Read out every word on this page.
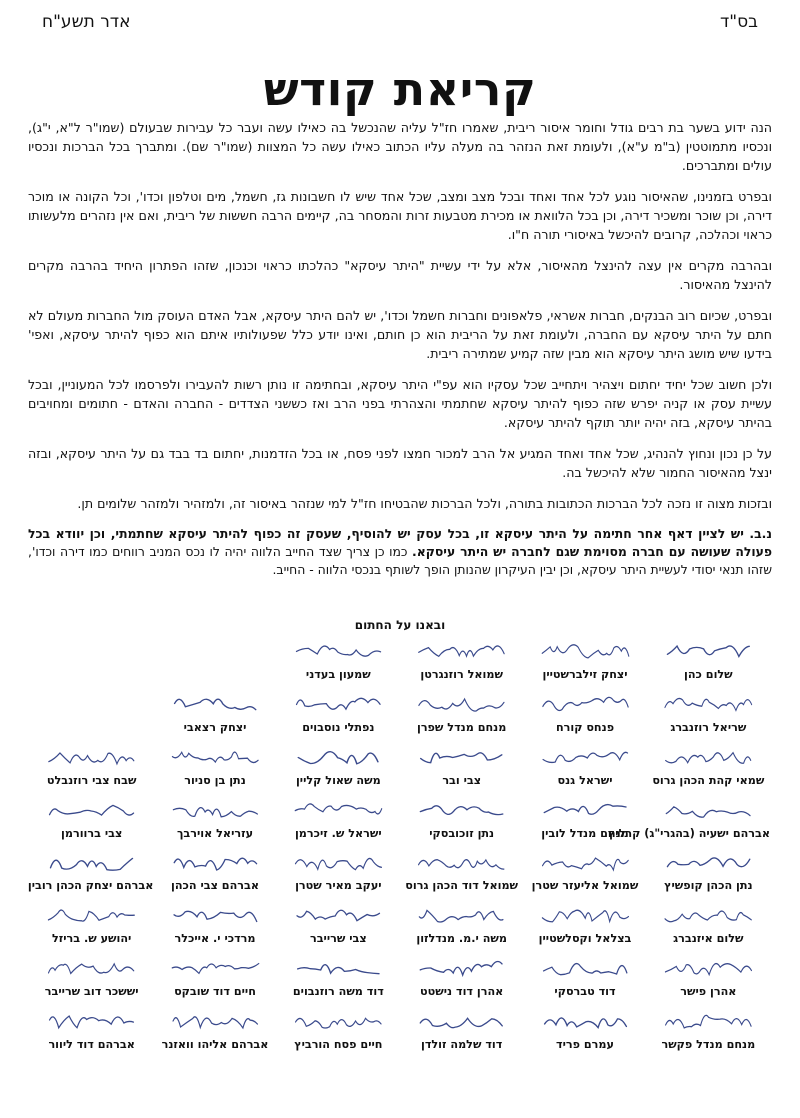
בס"ד
אדר תשע"ח
קריאת קודש

הנה ידוע בשער בת רבים גודל וחומר איסור ריבית, שאמרו חז"ל עליה שהנכשל בה כאילו עשה ועבר כל עבירות שבעולם (שמו"ר ל"א, י"ג), ונכסיו מתמוטטין (ב"מ ע"א), ולעומת זאת הנזהר בה מעלה עליו הכתוב כאילו עשה כל המצוות (שמו"ר שם). ומתברך בכל הברכות ונכסיו עולים ומתברכים.

ובפרט בזמנינו, שהאיסור נוגע לכל אחד ואחד ובכל מצב ומצב, שכל אחד שיש לו חשבונות גז, חשמל, מים וטלפון וכדו', וכל הקונה או מוכר דירה, וכן שוכר ומשכיר דירה, וכן בכל הלוואת או מכירת מטבעות זרות והמסחר בה, קיימים הרבה חששות של ריבית, ואם אין נזהרים מלעשותו כראוי וכהלכה, קרובים להיכשל באיסורי תורה ח"ו.

ובהרבה מקרים אין עצה להינצל מהאיסור, אלא על ידי עשיית "היתר עיסקא" כהלכתו כראוי וכנכון, שזהו הפתרון היחיד בהרבה מקרים להינצל מהאיסור.

ובפרט, שכיום רוב הבנקים, חברות אשראי, פלאפונים וחברות חשמל וכדו', יש להם היתר עיסקא, אבל האדם העוסק מול החברות מעולם לא חתם על היתר עיסקא עם החברה, ולעומת זאת על הריבית הוא כן חותם, ואינו יודע כלל שפעולותיו איתם הוא כפוף להיתר עיסקא, ואפי' בידעו שיש מושג היתר עיסקא הוא מבין שזה קמיע שמתירה ריבית.

ולכן חשוב שכל יחיד יחתום ויצהיר ויתחייב שכל עסקיו הוא עפ"י היתר עיסקא, ובחתימה זו נותן רשות להעבירו ולפרסמו לכל המעוניין, ובכל עשיית עסק או קניה יפרש שזה כפוף להיתר עיסקא שחתמתי והצהרתי בפני הרב ואז כששני הצדדים - החברה והאדם - חתומים ומחויבים בהיתר עיסקא, בזה יהיה יותר תוקף להיתר עיסקא.

על כן נכון ונחוץ להנהיג, שכל אחד ואחד המגיע אל הרב למכור חמצו לפני פסח, או בכל הזדמנות, יחתום בד בבד גם על היתר עיסקא, ובזה ינצל מהאיסור החמור שלא להיכשל בה.

ובזכות מצוה זו נזכה לכל הברכות הכתובות בתורה, ולכל הברכות שהבטיחו חז"ל למי שנזהר באיסור זה, ולמזהיר ולמזהר שלומים תן.

נ.ב. יש לציין דאף אחר חתימה על היתר עיסקא זו, בכל עסק יש להוסיף, שעסק זה כפוף להיתר עיסקא שחתמתי, וכן יוודא בכל פעולה שעושה עם חברה מסוימת שגם לחברה יש היתר עיסקא. כמו כן צריך שצד החייב הלווה יהיה לו נכס המניב רווחים כמו דירה וכדו', שזהו תנאי יסודי לעשיית היתר עיסקא, וכן יבין העיקרון שהנותן הופך לשותף בנכסי הלווה - החייב.
ובאנו על החתום
שלום כהן
יצחק זילברשטיין
שמואל רוזנגרטן
שמעון בעדני
שריאל רוזנברג
פנחס קורח
מנחם מנדל שפרן
נפתלי נוסבוים
יצחק רצאבי
שמאי קהת הכהן גרוס
ישראל גנס
צבי ובר
משה שאול קליין
נתן בן סניור
שבח צבי רוזנבלט
אברהם ישעיה (בהגרי"ג) קרליץ
מנחם מנדל לובין
נתן זוכובסקי
ישראל ש. זיכרמן
עזריאל אוירבך
צבי ברוורמן
נתן הכהן קופשיץ
שמואל אליעזר שטרן
שמואל דוד הכהן גרוס
יעקב מאיר שטרן
אברהם צבי הכהן
אברהם יצחק הכהן רובין
שלום איזנברג
בצלאל וקסלשטיין
משה י.מ. מנדלזון
צבי שרייבר
מרדכי י. אייכלר
יהושע ש. בריזל
אהרן פישר
דוד טברסקי
אהרן דוד נישטט
דוד משה רוזנבוים
חיים דוד שובקס
יששכר דוב שרייבר
מנחם מנדל פקשר
עמרם פריד
דוד שלמה זולדן
חיים פסח הורביץ
אברהם אליהו וואזנר
אברהם דוד ליוור
